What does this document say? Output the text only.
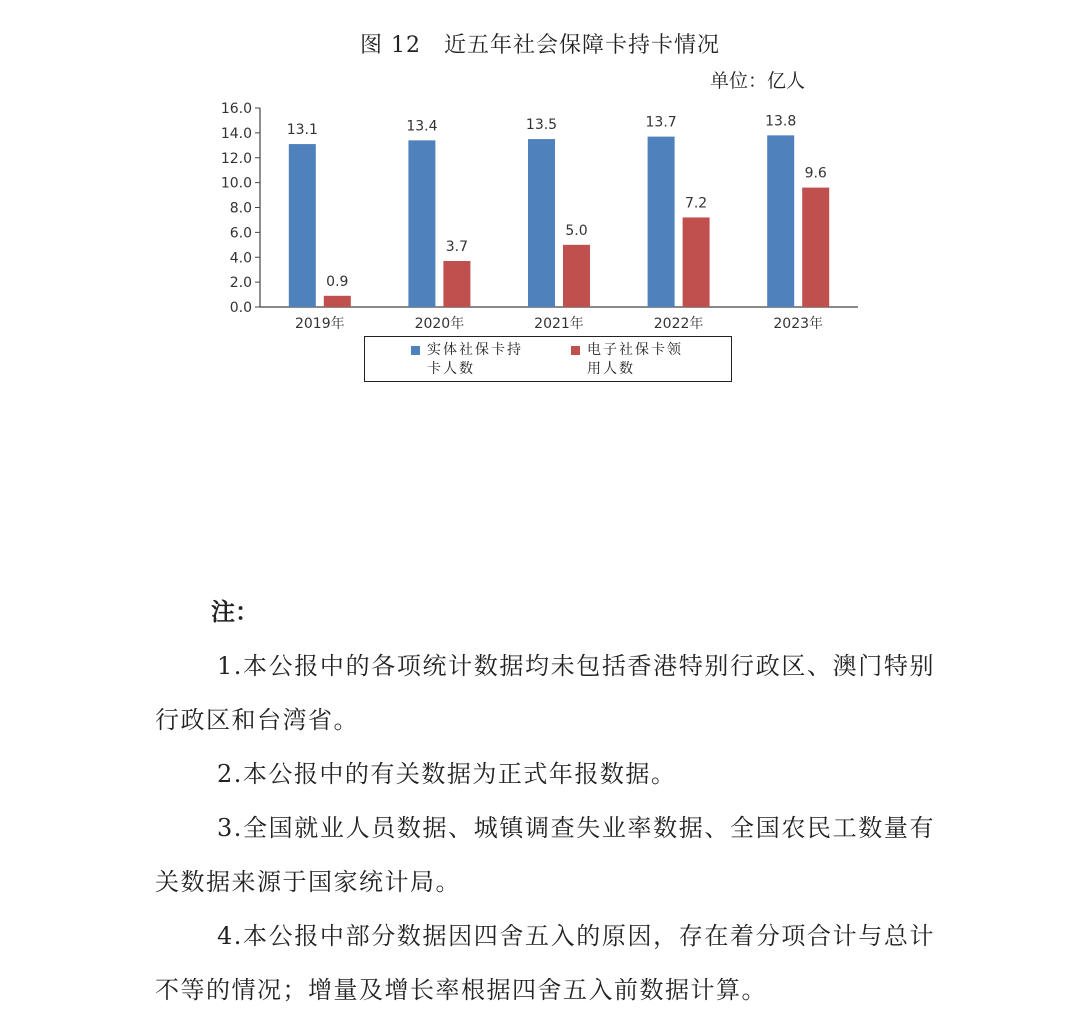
图 12　近五年社会保障卡持卡情况
单位：亿人
0.0
2.0
4.0
6.0
8.0
10.0
12.0
14.0
16.0
13.1
0.9
2019年
13.4
3.7
2020年
13.5
5.0
2021年
13.7
7.2
2022年
13.8
9.6
2023年
实体社保卡持卡人数
电子社保卡领用人数

注：

1.本公报中的各项统计数据均未包括香港特别行政区、澳门特别行政区和台湾省。

2.本公报中的有关数据为正式年报数据。

3.全国就业人员数据、城镇调查失业率数据、全国农民工数量有关数据来源于国家统计局。

4.本公报中部分数据因四舍五入的原因，存在着分项合计与总计不等的情况；增量及增长率根据四舍五入前数据计算。
